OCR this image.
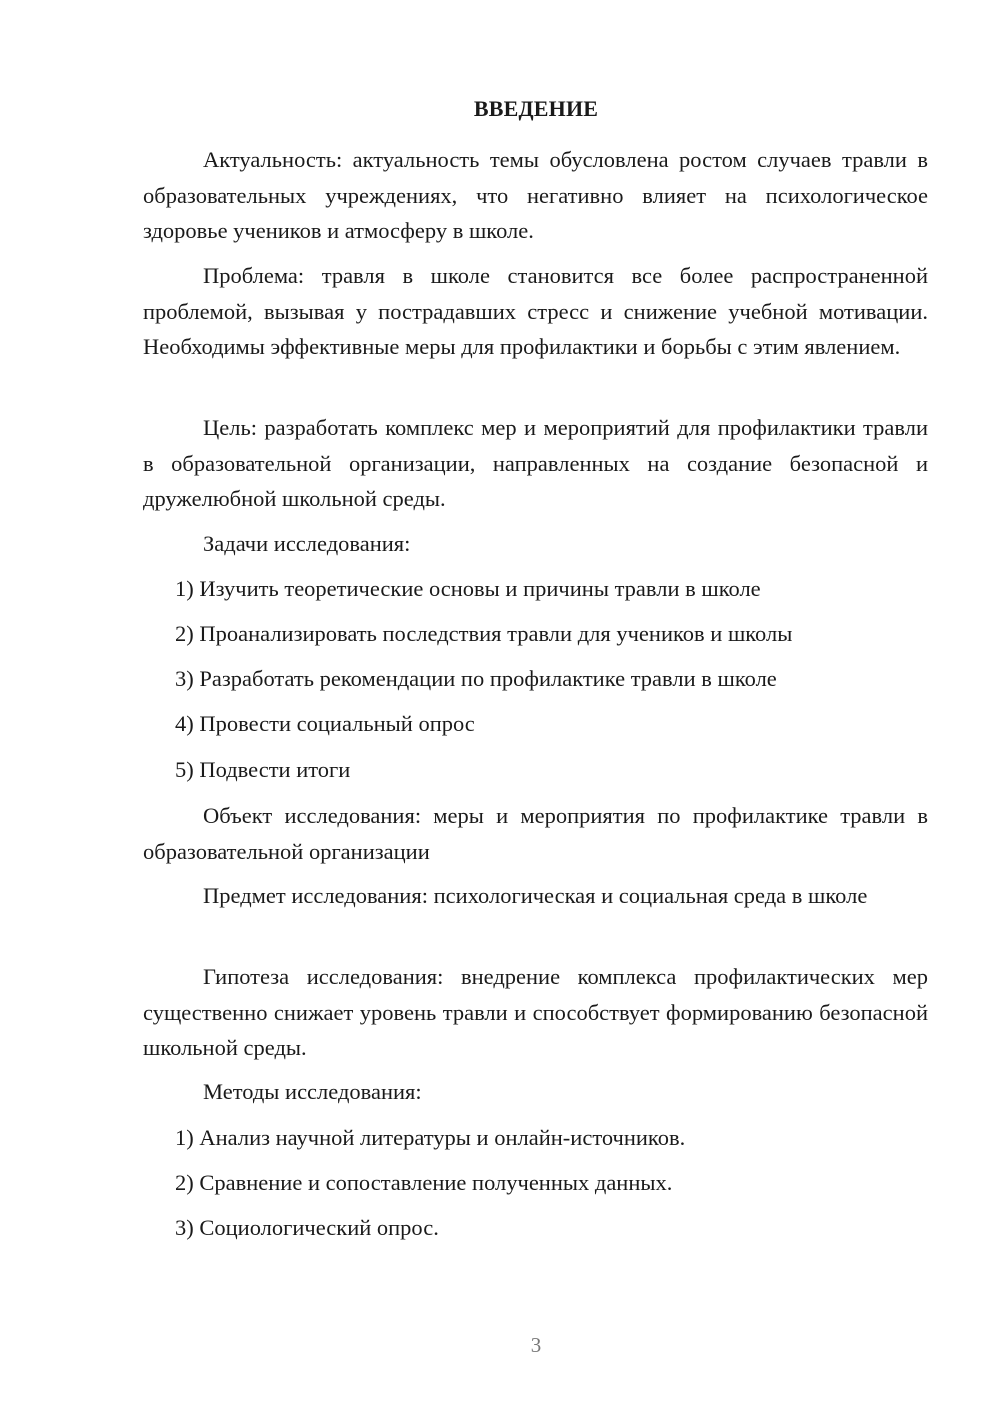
ВВЕДЕНИЕ

Актуальность: актуальность темы обусловлена ростом случаев травли в образовательных учреждениях, что негативно влияет на психологическое здоровье учеников и атмосферу в школе.

Проблема: травля в школе становится все более распространенной проблемой, вызывая у пострадавших стресс и снижение учебной мотивации. Необходимы эффективные меры для профилактики и борьбы с этим явлением.

Цель: разработать комплекс мер и мероприятий для профилактики травли в образовательной организации, направленных на создание безопасной и дружелюбной школьной среды.

Задачи исследования:

1) Изучить теоретические основы и причины травли в школе

2) Проанализировать последствия травли для учеников и школы

3) Разработать рекомендации по профилактике травли в школе

4) Провести социальный опрос

5) Подвести итоги

Объект исследования: меры и мероприятия по профилактике травли в образовательной организации

Предмет исследования: психологическая и социальная среда в школе

Гипотеза исследования: внедрение комплекса профилактических мер существенно снижает уровень травли и способствует формированию безопасной школьной среды.

Методы исследования:

1) Анализ научной литературы и онлайн-источников.

2) Сравнение и сопоставление полученных данных.

3) Социологический опрос.

3
